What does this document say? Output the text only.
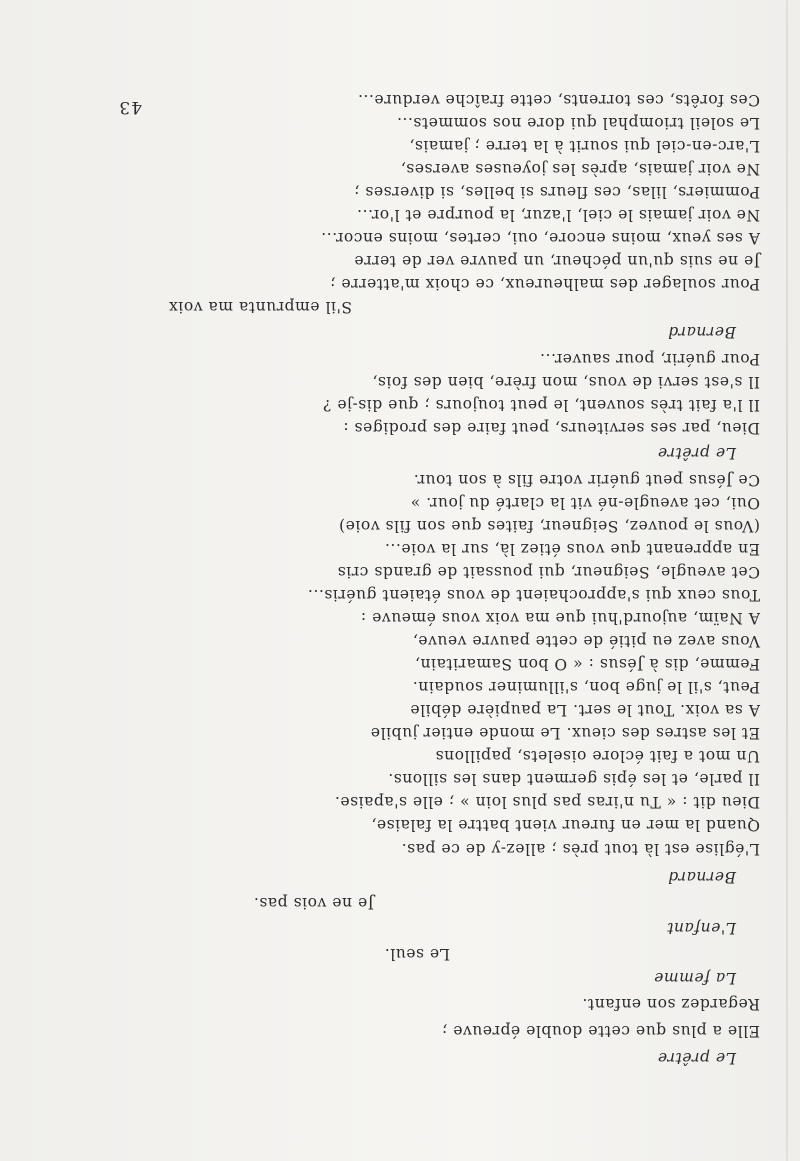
43
Le prêtre
Elle a plus que cette double épreuve ;
Regardez son enfant.
La femme
Le seul.
L'enfant
Je ne vois pas.
Bernard
L'église est là tout près ; allez-y de ce pas.
Quand la mer en fureur vient battre la falaise,
Dieu dit : « Tu n'iras pas plus loin » ; elle s'apaise.
Il parle, et les épis germent dans les sillons.
Un mot a fait éclore oiselets, papillons
Et les astres des cieux. Le monde entier jubile
A sa voix. Tout le sert. La paupière débile
Peut, s'il le juge bon, s'illuminer soudain.
Femme, dis à Jésus : « O bon Samaritain,
Vous avez eu pitié de cette pauvre veuve,
A Naïm, aujourd'hui que ma voix vous émeuve :
Tous ceux qui s'approchaient de vous étaient guéris...
Cet aveugle, Seigneur, qui poussait de grands cris
En apprenant que vous étiez là, sur la voie...
(Vous le pouvez, Seigneur, faites que son fils voie)
Oui, cet aveugle-né vit la clarté du jour. »
Ce Jésus peut guérir votre fils à son tour.
Le prêtre
Dieu, par ses serviteurs, peut faire des prodiges :
Il l'a fait très souvent, le peut toujours ; que dis-je ?
Il s'est servi de vous, mon frère, bien des fois,
Pour guérir, pour sauver...
Bernard
S'il emprunta ma voix
Pour soulager des malheureux, ce choix m'atterre ;
Je ne suis qu'un pécheur, un pauvre ver de terre
A ses yeux, moins encore, oui, certes, moins encor...
Ne voir jamais le ciel, l'azur, la pourpre et l'or...
Pommiers, lilas, ces fleurs si belles, si diverses ;
Ne voir jamais, après les joyeuses averses,
L'arc-en-ciel qui sourit à la terre ; jamais,
Le soleil triomphal qui dore nos sommets...
Ces forêts, ces torrents, cette fraîche verdure...
